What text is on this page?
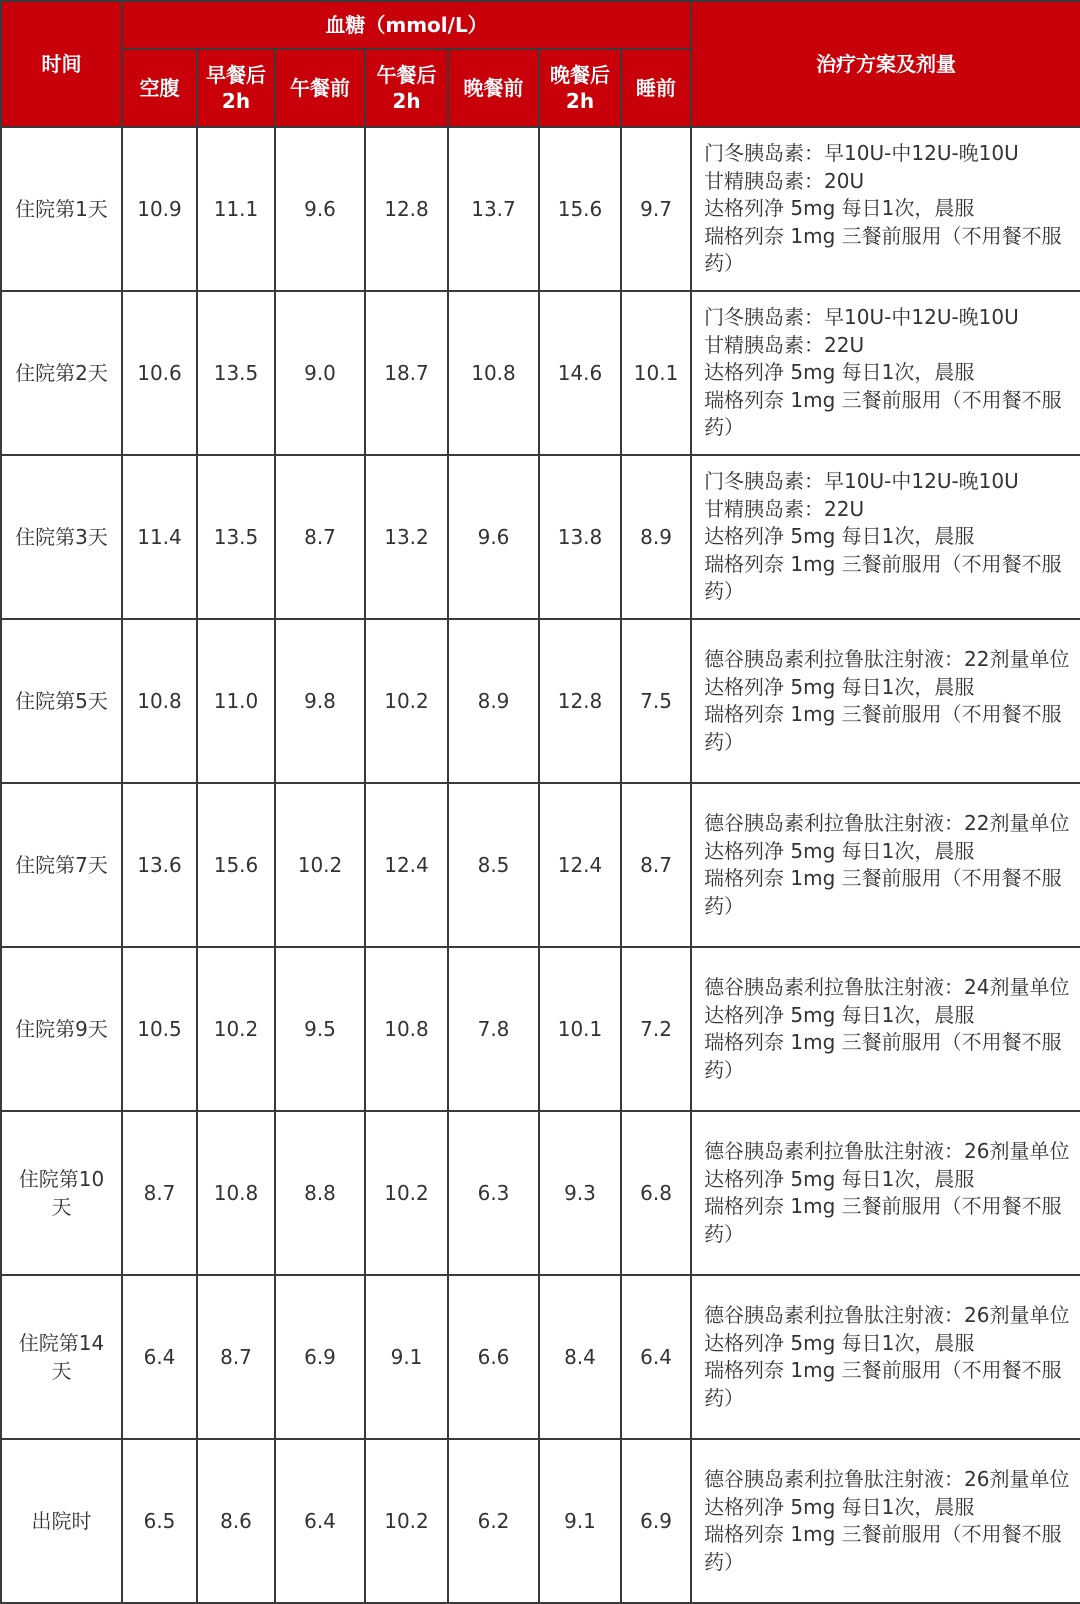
时间	血糖（mmol/L）							治疗方案及剂量
	空腹	早餐后2h	午餐前	午餐后2h	晚餐前	晚餐后2h	睡前	
住院第1天	10.9	11.1	9.6	12.8	13.7	15.6	9.7	门冬胰岛素：早10U-中12U-晚10U
甘精胰岛素：20U
达格列净 5mg 每日1次，晨服
瑞格列奈 1mg 三餐前服用（不用餐不服药）

住院第2天	10.6	13.5	9.0	18.7	10.8	14.6	10.1	门冬胰岛素：早10U-中12U-晚10U
甘精胰岛素：22U
达格列净 5mg 每日1次，晨服
瑞格列奈 1mg 三餐前服用（不用餐不服药）

住院第3天	11.4	13.5	8.7	13.2	9.6	13.8	8.9	门冬胰岛素：早10U-中12U-晚10U
甘精胰岛素：22U
达格列净 5mg 每日1次，晨服
瑞格列奈 1mg 三餐前服用（不用餐不服药）

住院第5天	10.8	11.0	9.8	10.2	8.9	12.8	7.5	德谷胰岛素利拉鲁肽注射液：22剂量单位
达格列净 5mg 每日1次，晨服
瑞格列奈 1mg 三餐前服用（不用餐不服药）

住院第7天	13.6	15.6	10.2	12.4	8.5	12.4	8.7	德谷胰岛素利拉鲁肽注射液：22剂量单位
达格列净 5mg 每日1次，晨服
瑞格列奈 1mg 三餐前服用（不用餐不服药）

住院第9天	10.5	10.2	9.5	10.8	7.8	10.1	7.2	德谷胰岛素利拉鲁肽注射液：24剂量单位
达格列净 5mg 每日1次，晨服
瑞格列奈 1mg 三餐前服用（不用餐不服药）

住院第10天	8.7	10.8	8.8	10.2	6.3	9.3	6.8	德谷胰岛素利拉鲁肽注射液：26剂量单位
达格列净 5mg 每日1次，晨服
瑞格列奈 1mg 三餐前服用（不用餐不服药）

住院第14天	6.4	8.7	6.9	9.1	6.6	8.4	6.4	德谷胰岛素利拉鲁肽注射液：26剂量单位
达格列净 5mg 每日1次，晨服
瑞格列奈 1mg 三餐前服用（不用餐不服药）

出院时	6.5	8.6	6.4	10.2	6.2	9.1	6.9	德谷胰岛素利拉鲁肽注射液：26剂量单位
达格列净 5mg 每日1次，晨服
瑞格列奈 1mg 三餐前服用（不用餐不服药）
